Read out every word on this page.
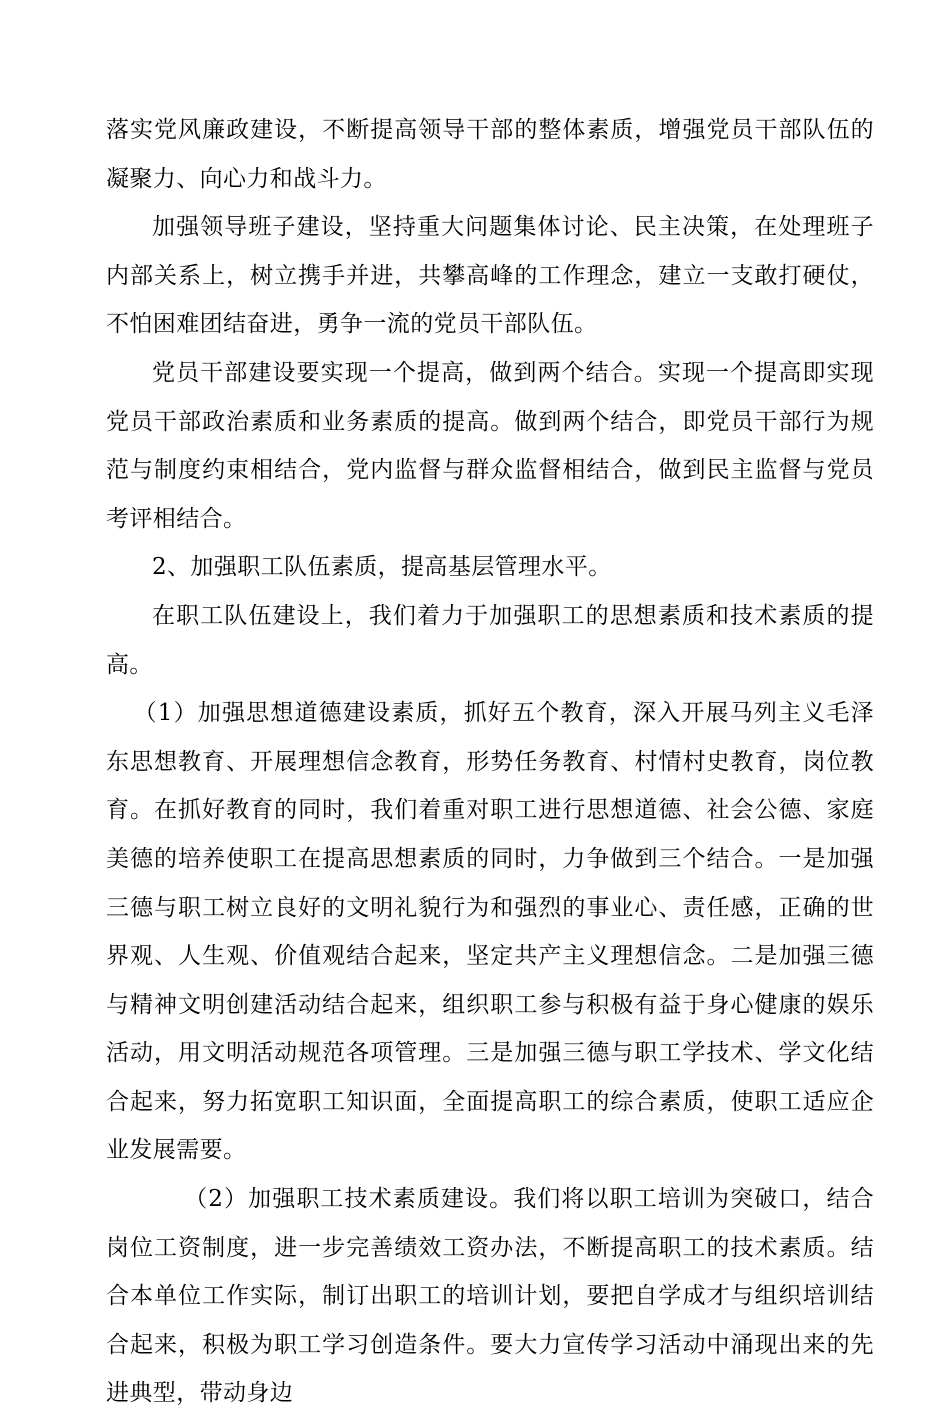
落实党风廉政建设，不断提高领导干部的整体素质，增强党员干部队伍的凝聚力、向心力和战斗力。

加强领导班子建设，坚持重大问题集体讨论、民主决策，在处理班子内部关系上，树立携手并进，共攀高峰的工作理念，建立一支敢打硬仗，不怕困难团结奋进，勇争一流的党员干部队伍。

党员干部建设要实现一个提高，做到两个结合。实现一个提高即实现党员干部政治素质和业务素质的提高。做到两个结合，即党员干部行为规范与制度约束相结合，党内监督与群众监督相结合，做到民主监督与党员考评相结合。

2、加强职工队伍素质，提高基层管理水平。

在职工队伍建设上，我们着力于加强职工的思想素质和技术素质的提高。

（1）加强思想道德建设素质，抓好五个教育，深入开展马列主义毛泽东思想教育、开展理想信念教育，形势任务教育、村情村史教育，岗位教育。在抓好教育的同时，我们着重对职工进行思想道德、社会公德、家庭美德的培养使职工在提高思想素质的同时，力争做到三个结合。一是加强三德与职工树立良好的文明礼貌行为和强烈的事业心、责任感，正确的世界观、人生观、价值观结合起来，坚定共产主义理想信念。二是加强三德与精神文明创建活动结合起来，组织职工参与积极有益于身心健康的娱乐活动，用文明活动规范各项管理。三是加强三德与职工学技术、学文化结合起来，努力拓宽职工知识面，全面提高职工的综合素质，使职工适应企业发展需要。

（2）加强职工技术素质建设。我们将以职工培训为突破口，结合岗位工资制度，进一步完善绩效工资办法，不断提高职工的技术素质。结合本单位工作实际，制订出职工的培训计划，要把自学成才与组织培训结合起来，积极为职工学习创造条件。要大力宣传学习活动中涌现出来的先进典型，带动身边
